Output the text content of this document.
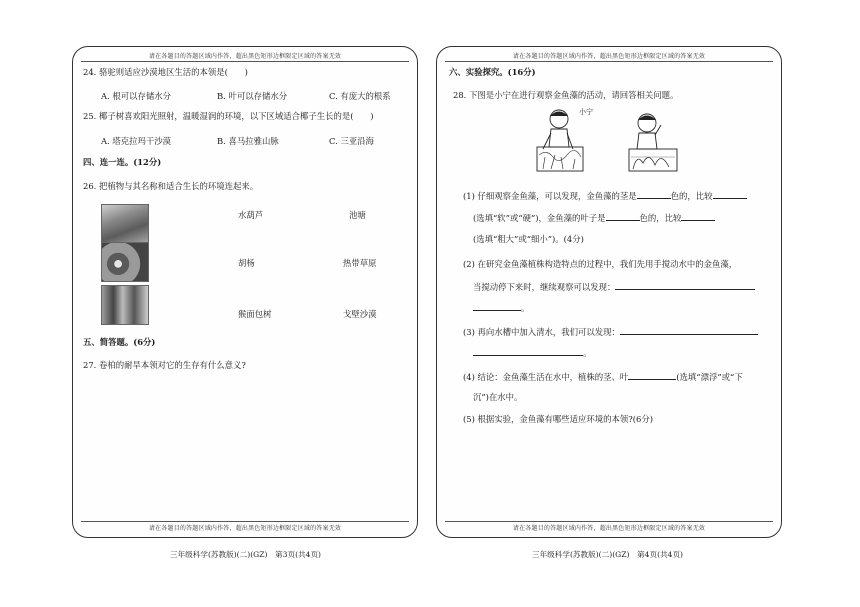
请在各题目的答题区域内作答，超出黑色矩形边框限定区域的答案无效
24. 骆驼则适应沙漠地区生活的本领是(　　)
A. 根可以存储水分	B. 叶可以存储水分	C. 有庞大的根系
25. 椰子树喜欢阳光照射，温暖湿润的环境，以下区域适合椰子生长的是(　　)
A. 塔克拉玛干沙漠	B. 喜马拉雅山脉	C. 三亚沿海
四、连一连。(12分)
26. 把植物与其名称和适合生长的环境连起来。
水葫芦
胡杨
猴面包树
池塘
热带草原
戈壁沙漠
五、简答题。(6分)
27. 卷柏的耐旱本领对它的生存有什么意义?
请在各题目的答题区域内作答，超出黑色矩形边框限定区域的答案无效
请在各题目的答题区域内作答，超出黑色矩形边框限定区域的答案无效
六、实验探究。(16分)
28. 下图是小宁在进行观察金鱼藻的活动，请回答相关问题。
小宁
(1) 仔细观察金鱼藻，可以发现，金鱼藻的茎是	色的，比较
(选填“软”或“硬”)，金鱼藻的叶子是	色的，比较
(选填“粗大”或“细小”)。(4分)
(2) 在研究金鱼藻植株构造特点的过程中，我们先用手搅动水中的金鱼藻，
当搅动停下来时，继续观察可以发现：
。
(3) 再向水槽中加入清水，我们可以发现：
。
(4) 结论：金鱼藻生活在水中，植株的茎、叶	(选填“漂浮”或“下
沉”)在水中。
(5) 根据实验，金鱼藻有哪些适应环境的本领?(6分)
请在各题目的答题区域内作答，超出黑色矩形边框限定区域的答案无效
三年级科学(苏教版)(二)(GZ)　第3页(共4页)	三年级科学(苏教版)(二)(GZ)　第4页(共4页)
